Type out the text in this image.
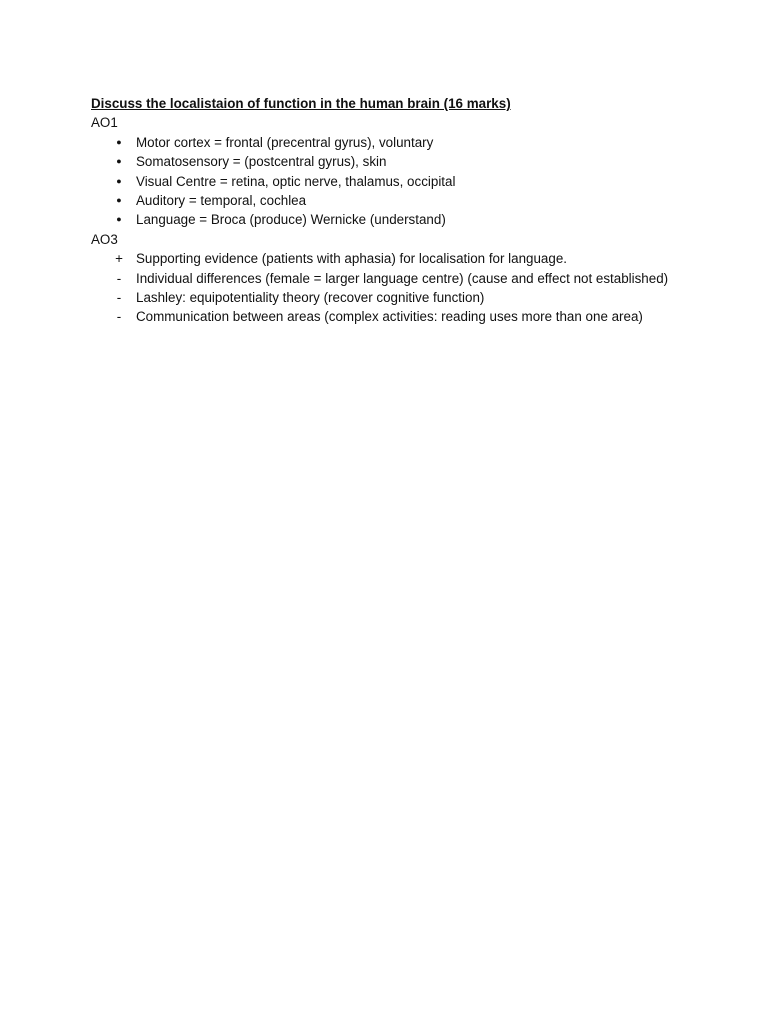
Discuss the localistaion of function in the human brain (16 marks)

AO1

●	Motor cortex = frontal (precentral gyrus), voluntary
●	Somatosensory = (postcentral gyrus), skin
●	Visual Centre = retina, optic nerve, thalamus, occipital
●	Auditory = temporal, cochlea
●	Language = Broca (produce) Wernicke (understand)

AO3

+ Supporting evidence (patients with aphasia) for localisation for language.
-	Individual differences (female = larger language centre) (cause and effect not established)
-	Lashley: equipotentiality theory (recover cognitive function)
-	Communication between areas (complex activities: reading uses more than one area)
